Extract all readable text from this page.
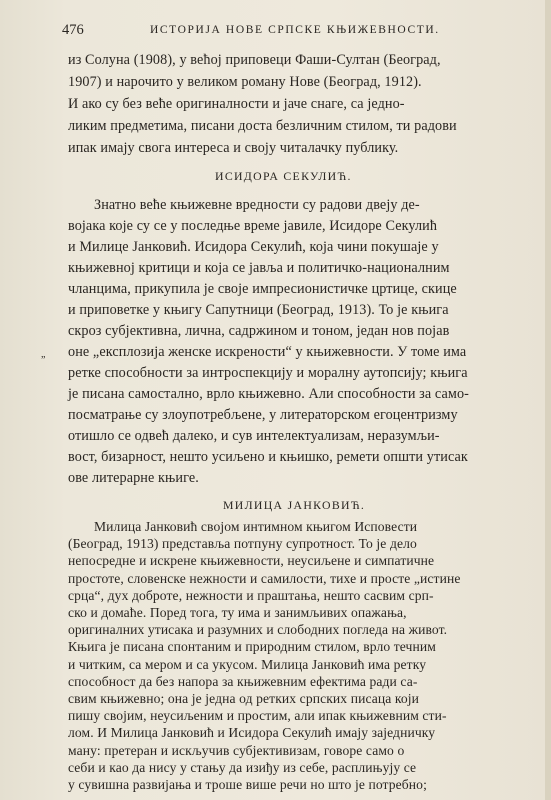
476	ИСТОРИЈА НОВЕ СРПСКЕ КЊИЖЕВНОСТИ.
„
из Солуна (1908), у већој приповеци Фаши-Султан (Београд,
1907) и нарочито у великом роману Нове (Београд, 1912).
И ако су без веће оригиналности и јаче снаге, са једно-
ликим предметима, писани доста безличним стилом, ти радови
ипак имају свога интереса и своју читалачку публику.
ИСИДОРА СЕКУЛИЋ.
Знатно веће књижевне вредности су радови двеју де-
војака које су се у последње време јавиле, Исидоре Секулић
и Милице Јанковић. Исидора Секулић, која чини покушаје у
књижевној критици и која се јавља и политичко-националним
чланцима, прикупила је своје импресионистичке цртице, скице
и приповетке у књигу Сапутници (Београд, 1913). То је књига
скроз субјективна, лична, садржином и тоном, један нов појав
оне „експлозија женске искрености“ у књижевности. У томе има
ретке способности за интроспекцију и моралну аутопсију; књига
је писана самостално, врло књижевно. Али способности за само-
посматрање су злоупотребљене, у литераторском егоцентризму
отишло се одвећ далеко, и сув интелектуализам, неразумљи-
вост, бизарност, нешто усиљено и књишко, ремети општи утисак
ове литерарне књиге.
МИЛИЦА ЈАНКОВИЋ.
Милица Јанковић својом интимном књигом Исповести
(Београд, 1913) представља потпуну супротност. То је дело
непосредне и искрене књижевности, неусиљене и симпатичне
простоте, словенске нежности и самилости, тихе и просте „истине
срца“, дух доброте, нежности и праштања, нешто сасвим срп-
ско и домаће. Поред тога, ту има и занимљивих опажања,
оригиналних утисака и разумних и слободних погледа на живот.
Књига је писана спонтаним и природним стилом, врло течним
и читким, са мером и са укусом. Милица Јанковић има ретку
способност да без напора за књижевним ефектима ради са-
свим књижевно; она је једна од ретких српских писаца који
пишу својим, неусиљеним и простим, али ипак књижевним сти-
лом. И Милица Јанковић и Исидора Секулић имају заједничку
ману: претеран и искључив субјективизам, говоре само о
себи и као да нису у стању да изиђу из себе, расплињују се
у сувишна развијања и троше више речи но што је потребно;
